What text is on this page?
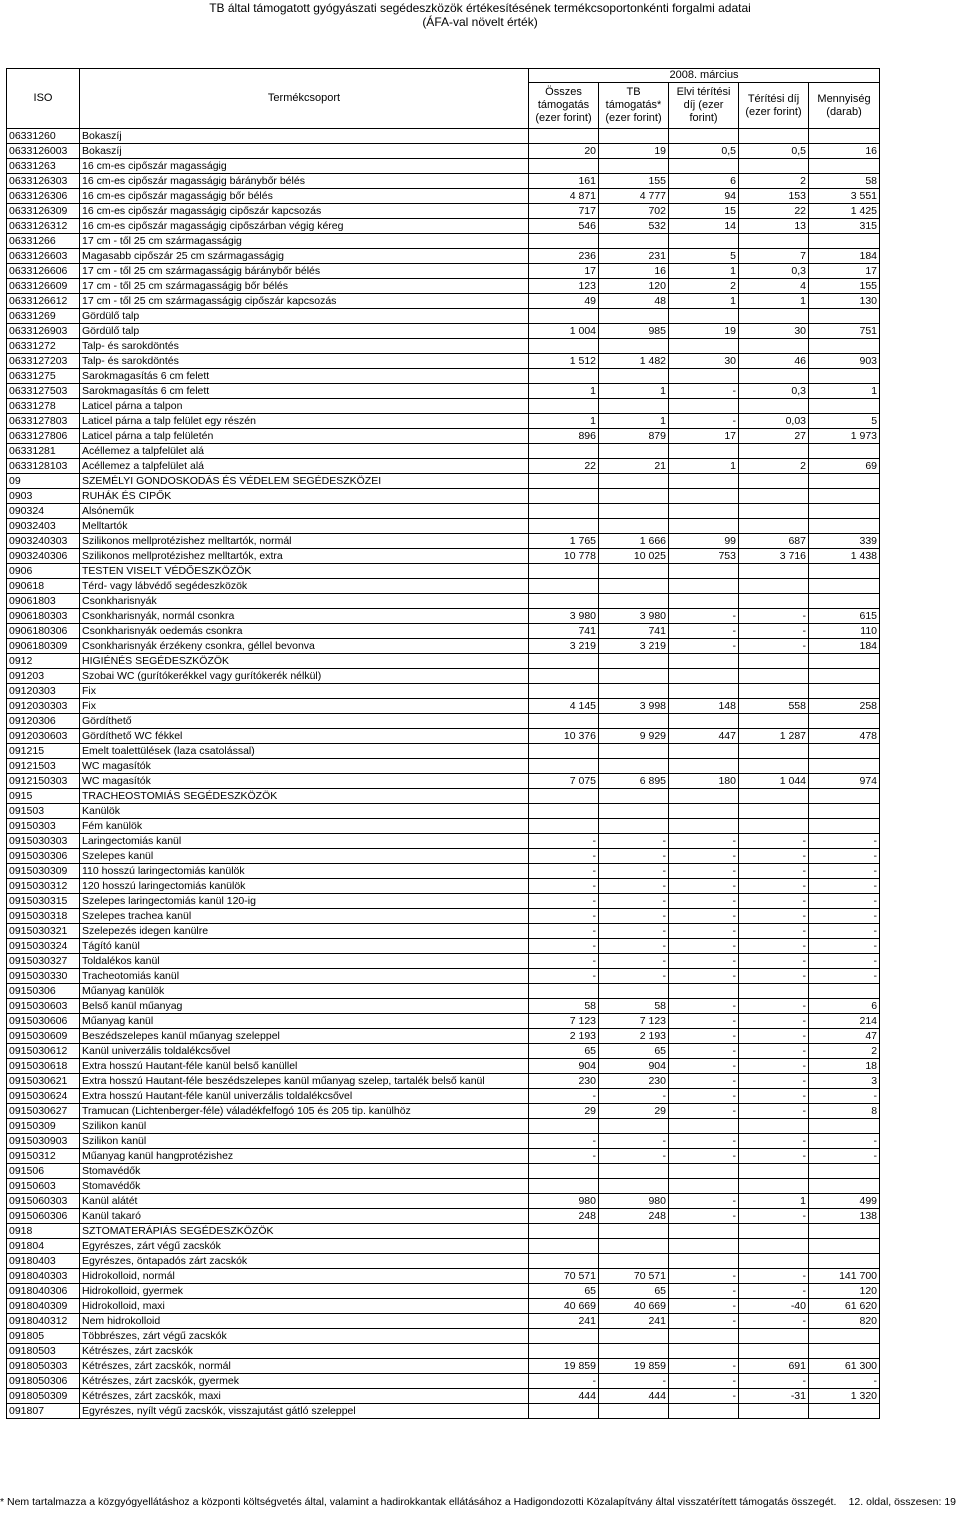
TB által támogatott gyógyászati segédeszközök értékesítésének termékcsoportonkénti forgalmi adatai
(ÁFA-val növelt érték)
ISO	Termékcsoport	2008. március				
		Összes támogatás (ezer forint)	TB támogatás* (ezer forint)	Elvi térítési díj (ezer forint)	Térítési díj (ezer forint)	Mennyiség (darab)
06331260	Bokaszíj					
0633126003	Bokaszíj	20	19	0,5	0,5	16
06331263	16 cm-es cipőszár magasságig					
0633126303	16 cm-es cipőszár magasságig báránybőr bélés	161	155	6	2	58
0633126306	16 cm-es cipőszár magasságig bőr bélés	4 871	4 777	94	153	3 551
0633126309	16 cm-es cipőszár magasságig cipőszár kapcsozás	717	702	15	22	1 425
0633126312	16 cm-es cipőszár magasságig cipőszárban végig kéreg	546	532	14	13	315
06331266	17 cm - től 25 cm szármagasságig					
0633126603	Magasabb cipőszár 25 cm szármagasságig	236	231	5	7	184
0633126606	17 cm - től 25 cm szármagasságig báránybőr bélés	17	16	1	0,3	17
0633126609	17 cm - től 25 cm szármagasságig bőr bélés	123	120	2	4	155
0633126612	17 cm - től 25 cm szármagasságig cipőszár kapcsozás	49	48	1	1	130
06331269	Gördülő talp					
0633126903	Gördülő talp	1 004	985	19	30	751
06331272	Talp- és sarokdöntés					
0633127203	Talp- és sarokdöntés	1 512	1 482	30	46	903
06331275	Sarokmagasítás 6 cm felett					
0633127503	Sarokmagasítás 6 cm felett	1	1	-	0,3	1
06331278	Laticel párna a talpon					
0633127803	Laticel párna a talp felület egy részén	1	1	-	0,03	5
0633127806	Laticel párna a talp felületén	896	879	17	27	1 973
06331281	Acéllemez a talpfelület alá					
0633128103	Acéllemez a talpfelület alá	22	21	1	2	69
09	SZEMÉLYI GONDOSKODÁS ÉS VÉDELEM SEGÉDESZKÖZEI					
0903	RUHÁK ÉS CIPŐK					
090324	Alsóneműk					
09032403	Melltartók					
0903240303	Szilikonos mellprotézishez melltartók, normál	1 765	1 666	99	687	339
0903240306	Szilikonos mellprotézishez melltartók, extra	10 778	10 025	753	3 716	1 438
0906	TESTEN VISELT VÉDŐESZKÖZÖK					
090618	Térd- vagy lábvédő segédeszközök					
09061803	Csonkharisnyák					
0906180303	Csonkharisnyák, normál csonkra	3 980	3 980	-	-	615
0906180306	Csonkharisnyák oedemás csonkra	741	741	-	-	110
0906180309	Csonkharisnyák érzékeny csonkra, géllel bevonva	3 219	3 219	-	-	184
0912	HIGIÉNÉS SEGÉDESZKÖZÖK					
091203	Szobai WC (gurítókerékkel vagy gurítókerék nélkül)					
09120303	Fix					
0912030303	Fix	4 145	3 998	148	558	258
09120306	Gördíthető					
0912030603	Gördíthető WC fékkel	10 376	9 929	447	1 287	478
091215	Emelt toalettülések (laza csatolással)					
09121503	WC magasítók					
0912150303	WC magasítók	7 075	6 895	180	1 044	974
0915	TRACHEOSTOMIÁS SEGÉDESZKÖZÖK					
091503	Kanülök					
09150303	Fém kanülök					
0915030303	Laringectomiás kanül	-	-	-	-	-
0915030306	Szelepes kanül	-	-	-	-	-
0915030309	110 hosszú laringectomiás kanülök	-	-	-	-	-
0915030312	120 hosszú laringectomiás kanülök	-	-	-	-	-
0915030315	Szelepes laringectomiás kanül 120-ig	-	-	-	-	-
0915030318	Szelepes trachea kanül	-	-	-	-	-
0915030321	Szelepezés idegen kanülre	-	-	-	-	-
0915030324	Tágító kanül	-	-	-	-	-
0915030327	Toldalékos kanül	-	-	-	-	-
0915030330	Tracheotomiás kanül	-	-	-	-	-
09150306	Műanyag kanülök					
0915030603	Belső kanül műanyag	58	58	-	-	6
0915030606	Műanyag kanül	7 123	7 123	-	-	214
0915030609	Beszédszelepes kanül műanyag szeleppel	2 193	2 193	-	-	47
0915030612	Kanül univerzális toldalékcsővel	65	65	-	-	2
0915030618	Extra hosszú Hautant-féle kanül belső kanüllel	904	904	-	-	18
0915030621	Extra hosszú Hautant-féle beszédszelepes kanül műanyag szelep, tartalék belső kanül	230	230	-	-	3
0915030624	Extra hosszú Hautant-féle kanül univerzális toldalékcsővel	-	-	-	-	-
0915030627	Tramucan (Lichtenberger-féle) váladékfelfogó 105 és 205 tip. kanülhöz	29	29	-	-	8
09150309	Szilikon kanül					
0915030903	Szilikon kanül	-	-	-	-	-
09150312	Műanyag kanül hangprotézishez	-	-	-	-	-
091506	Stomavédők					
09150603	Stomavédők					
0915060303	Kanül alátét	980	980	-	1	499
0915060306	Kanül takaró	248	248	-	-	138
0918	SZTOMATERÁPIÁS SEGÉDESZKÖZÖK					
091804	Egyrészes, zárt végű zacskók					
09180403	Egyrészes, öntapadós zárt zacskók					
0918040303	Hidrokolloid, normál	70 571	70 571	-	-	141 700
0918040306	Hidrokolloid, gyermek	65	65	-	-	120
0918040309	Hidrokolloid, maxi	40 669	40 669	-	-40	61 620
0918040312	Nem hidrokolloid	241	241	-	-	820
091805	Többrészes, zárt végű zacskók					
09180503	Kétrészes, zárt zacskók					
0918050303	Kétrészes, zárt zacskók, normál	19 859	19 859	-	691	61 300
0918050306	Kétrészes, zárt zacskók, gyermek	-	-	-	-	-
0918050309	Kétrészes, zárt zacskók, maxi	444	444	-	-31	1 320
091807	Egyrészes, nyílt végű zacskók, visszajutást gátló szeleppel					
* Nem tartalmazza a közgyógyellátáshoz a központi költségvetés által, valamint a hadirokkantak ellátásához a Hadigondozotti Közalapítvány által visszatérített támogatás összegét. 12. oldal, összesen: 19
